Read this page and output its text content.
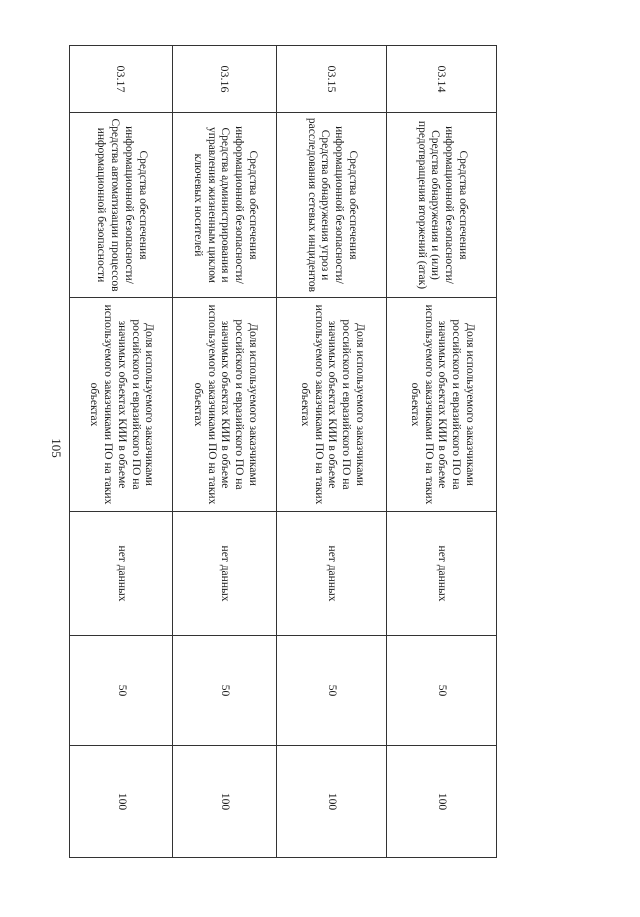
105
03.14	Средства обеспечения информационной безопасности/Средства обнаружения и (или) предотвращения вторжений (атак)	Доля используемого заказчиками российского и евразийского ПО на значимых объектах КИИ в объеме используемого заказчиками ПО на таких объектах	нет данных	50	100
03.15	Средства обеспечения информационной безопасности/Средства обнаружения угроз и расследования сетевых инцидентов	Доля используемого заказчиками российского и евразийского ПО на значимых объектах КИИ в объеме используемого заказчиками ПО на таких объектах	нет данных	50	100
03.16	Средства обеспечения информационной безопасности/Средства администрирования и управления жизненным циклом ключевых носителей	Доля используемого заказчиками российского и евразийского ПО на значимых объектах КИИ в объеме используемого заказчиками ПО на таких объектах	нет данных	50	100
03.17	Средства обеспечения информационной безопасности/Средства автоматизации процессов информационной безопасности	Доля используемого заказчиками российского и евразийского ПО на значимых объектах КИИ в объеме используемого заказчиками ПО на таких объектах	нет данных	50	100
